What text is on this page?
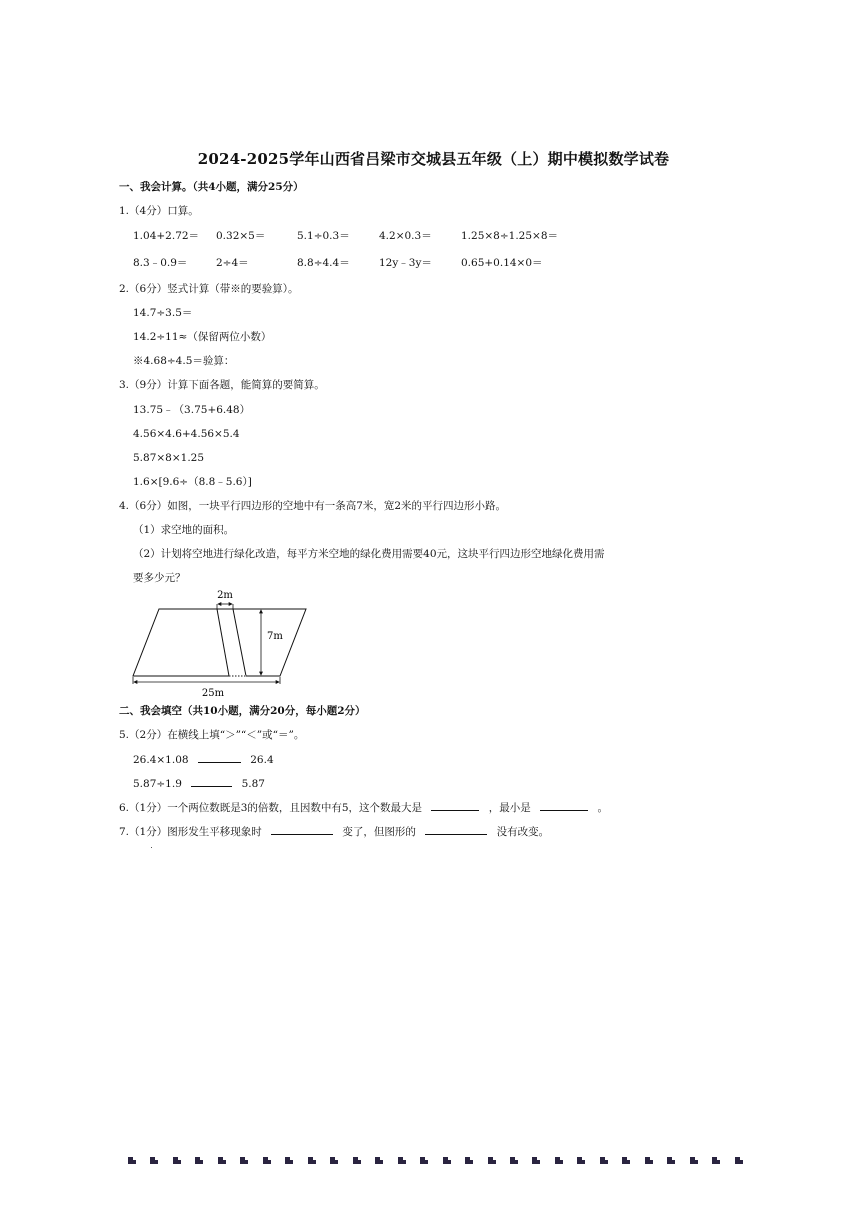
2024-2025学年山西省吕梁市交城县五年级（上）期中模拟数学试卷
一、我会计算。（共4小题，满分25分）
1.（4分）口算。
1.04+2.72＝ 0.32×5＝	5.1÷0.3＝	4.2×0.3＝	1.25×8÷1.25×8＝
8.3﹣0.9＝	2÷4＝	8.8÷4.4＝	12y﹣3y＝	0.65+0.14×0＝
2.（6分）竖式计算（带※的要验算）。
14.7÷3.5＝
14.2÷11≈（保留两位小数）
※4.68÷4.5＝验算：
3.（9分）计算下面各题，能简算的要简算。
13.75﹣（3.75+6.48）
4.56×4.6+4.56×5.4
5.87×8×1.25
1.6×[9.6÷（8.8﹣5.6）]
4.（6分）如图，一块平行四边形的空地中有一条高7米，宽2米的平行四边形小路。
（1）求空地的面积。
（2）计划将空地进行绿化改造，每平方米空地的绿化费用需要40元，这块平行四边形空地绿化费用需
要多少元？
2m
7m
25m
二、我会填空（共10小题，满分20分，每小题2分）
5.（2分）在横线上填“＞”“＜”或“＝”。
26.4×1.08	26.4
5.87÷1.9	5.87
6.（1分）一个两位数既是3的倍数，且因数中有5，这个数最大是	，最小是	。
7.（1分）图形发生平移现象时	变了，但图形的	没有改变。
